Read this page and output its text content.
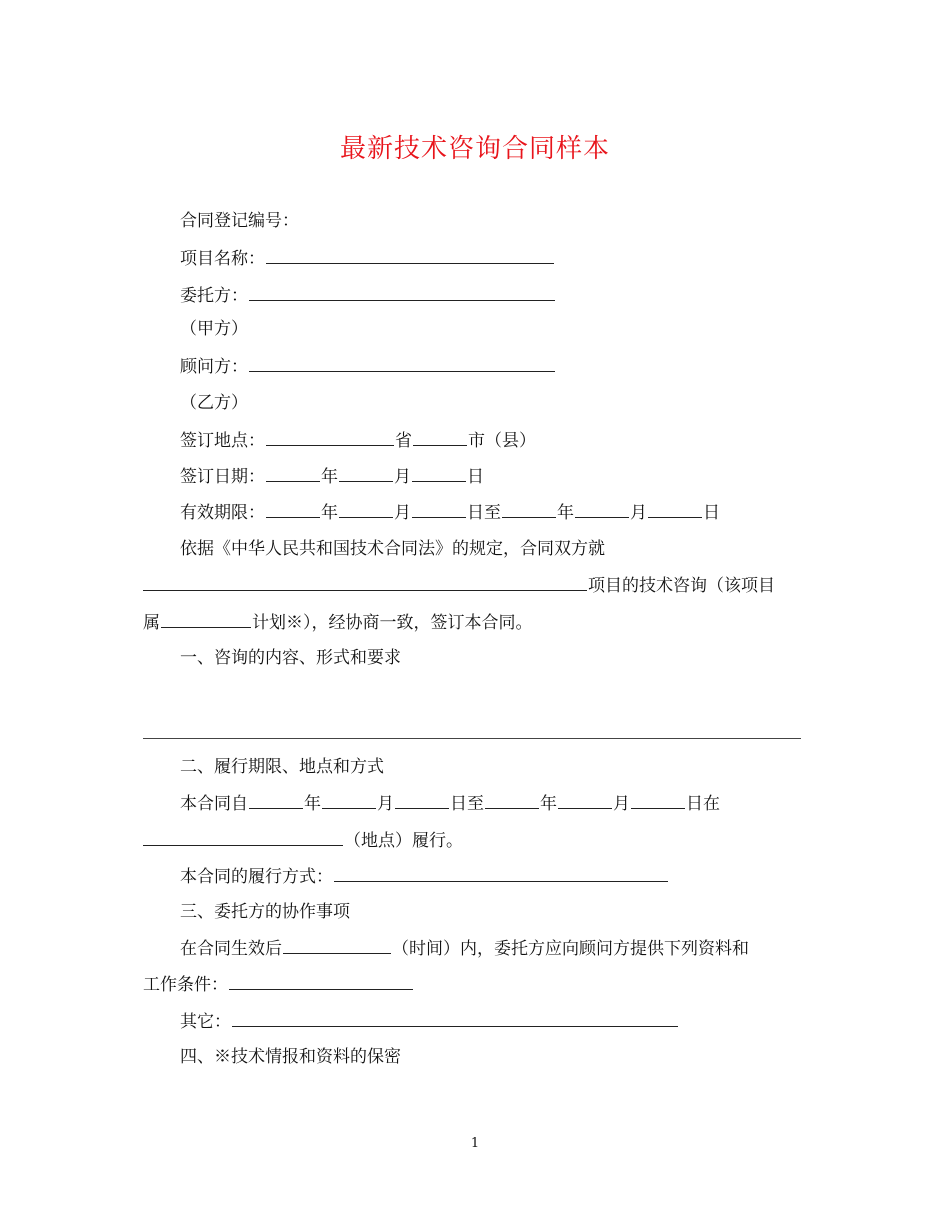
最新技术咨询合同样本
合同登记编号：
项目名称：
委托方：
（甲方）
顾问方：
（乙方）
签订地点：	省	市（县）
签订日期：	年	月	日
有效期限：	年	月	日至	年	月	日
依据《中华人民共和国技术合同法》的规定，合同双方就
项目的技术咨询（该项目
属	计划※），经协商一致，签订本合同。
一、咨询的内容、形式和要求
二、履行期限、地点和方式
本合同自	年	月	日至	年	月	日在
（地点）履行。
本合同的履行方式：
三、委托方的协作事项
在合同生效后	（时间）内，委托方应向顾问方提供下列资料和
工作条件：
其它：
四、※技术情报和资料的保密
1
